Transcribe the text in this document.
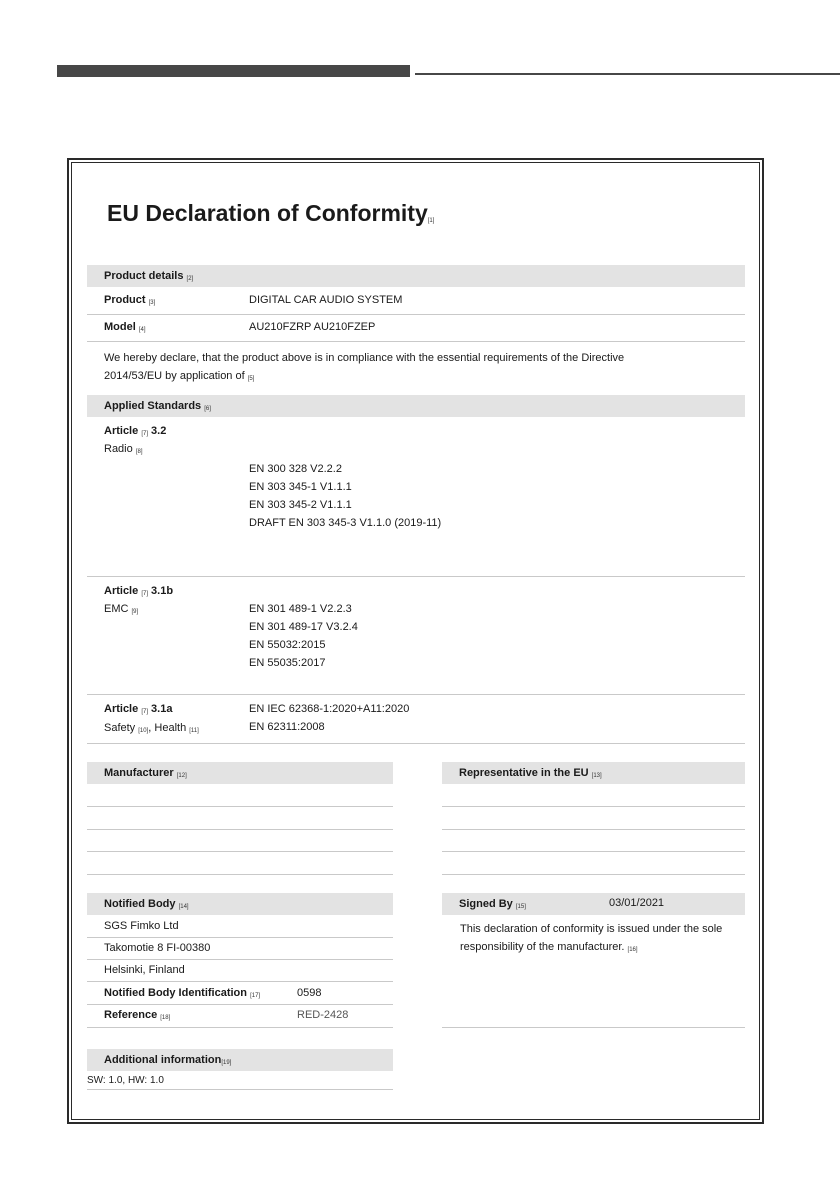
EU Declaration of Conformity[1]
Product details [2]
Product [3]	DIGITAL CAR AUDIO SYSTEM
Model [4]	AU210FZRP AU210FZEP
We hereby declare, that the product above is in compliance with the essential requirements of the Directive
2014/53/EU by application of [5]
Applied Standards [6]
Article [7] 3.2
Radio [8]
EN 300 328 V2.2.2
EN 303 345-1 V1.1.1
EN 303 345-2 V1.1.1
DRAFT EN 303 345-3 V1.1.0 (2019-11)
Article [7] 3.1b
EMC [9]	EN 301 489-1 V2.2.3
EN 301 489-17 V3.2.4
EN 55032:2015
EN 55035:2017
Article [7] 3.1a
Safety [10], Health [11]
EN IEC 62368-1:2020+A11:2020
EN 62311:2008
Manufacturer [12]	Representative in the EU [13]
Notified Body [14]
SGS Fimko Ltd
Takomotie 8 FI-00380
Helsinki, Finland
Notified Body Identification [17]	0598
Reference [18]	RED-2428
Signed By [15]	03/01/2021
This declaration of conformity is issued under the sole
responsibility of the manufacturer. [16]
Additional information[19]
SW: 1.0, HW: 1.0
